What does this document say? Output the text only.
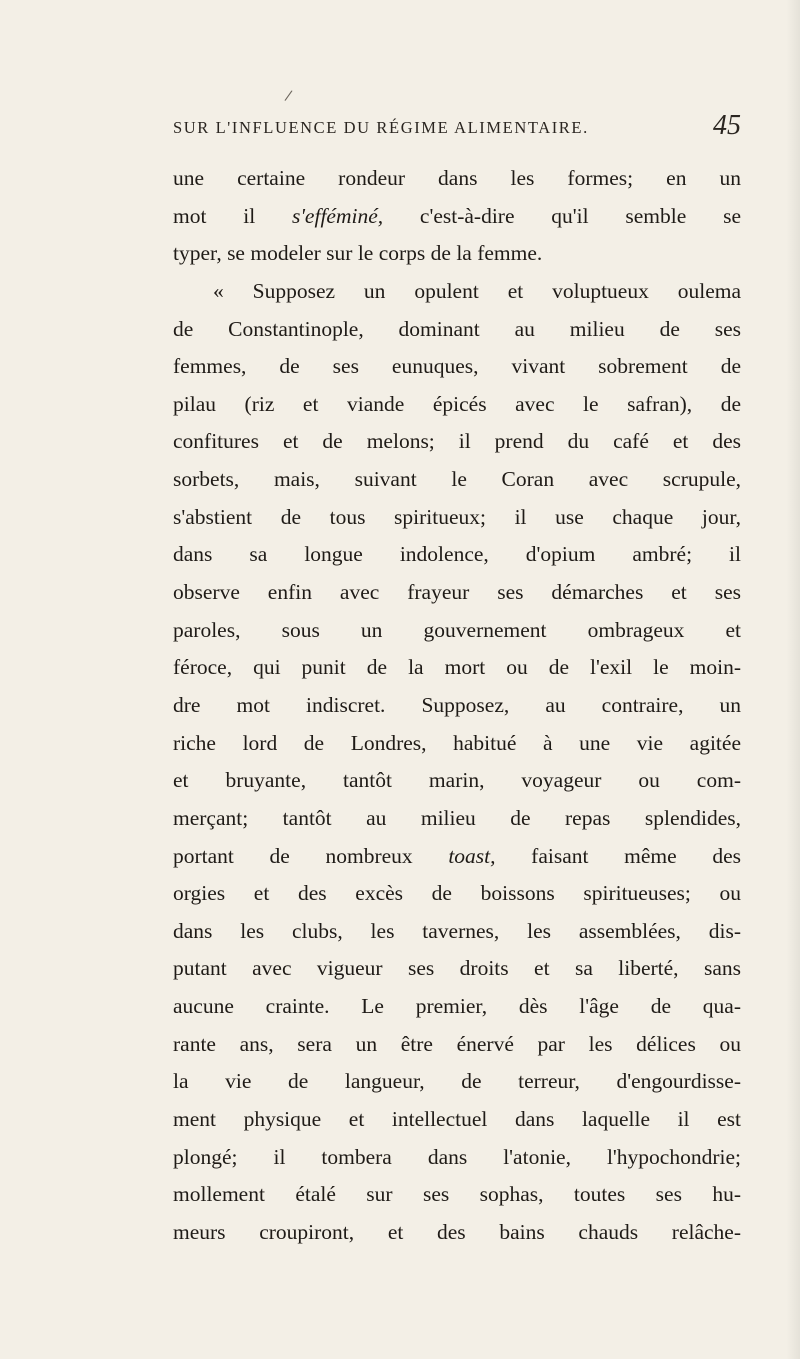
/
SUR L'INFLUENCE DU RÉGIME ALIMENTAIRE.	45
une certaine rondeur dans les formes; en un
mot il s'efféminé, c'est-à-dire qu'il semble se
typer, se modeler sur le corps de la femme.
« Supposez un opulent et voluptueux oulema
de Constantinople, dominant au milieu de ses
femmes, de ses eunuques, vivant sobrement de
pilau (riz et viande épicés avec le safran), de
confitures et de melons; il prend du café et des
sorbets, mais, suivant le Coran avec scrupule,
s'abstient de tous spiritueux; il use chaque jour,
dans sa longue indolence, d'opium ambré; il
observe enfin avec frayeur ses démarches et ses
paroles, sous un gouvernement ombrageux et
féroce, qui punit de la mort ou de l'exil le moin-
dre mot indiscret. Supposez, au contraire, un
riche lord de Londres, habitué à une vie agitée
et bruyante, tantôt marin, voyageur ou com-
merçant; tantôt au milieu de repas splendides,
portant de nombreux toast, faisant même des
orgies et des excès de boissons spiritueuses; ou
dans les clubs, les tavernes, les assemblées, dis-
putant avec vigueur ses droits et sa liberté, sans
aucune crainte. Le premier, dès l'âge de qua-
rante ans, sera un être énervé par les délices ou
la vie de langueur, de terreur, d'engourdisse-
ment physique et intellectuel dans laquelle il est
plongé; il tombera dans l'atonie, l'hypochondrie;
mollement étalé sur ses sophas, toutes ses hu-
meurs croupiront, et des bains chauds relâche-
